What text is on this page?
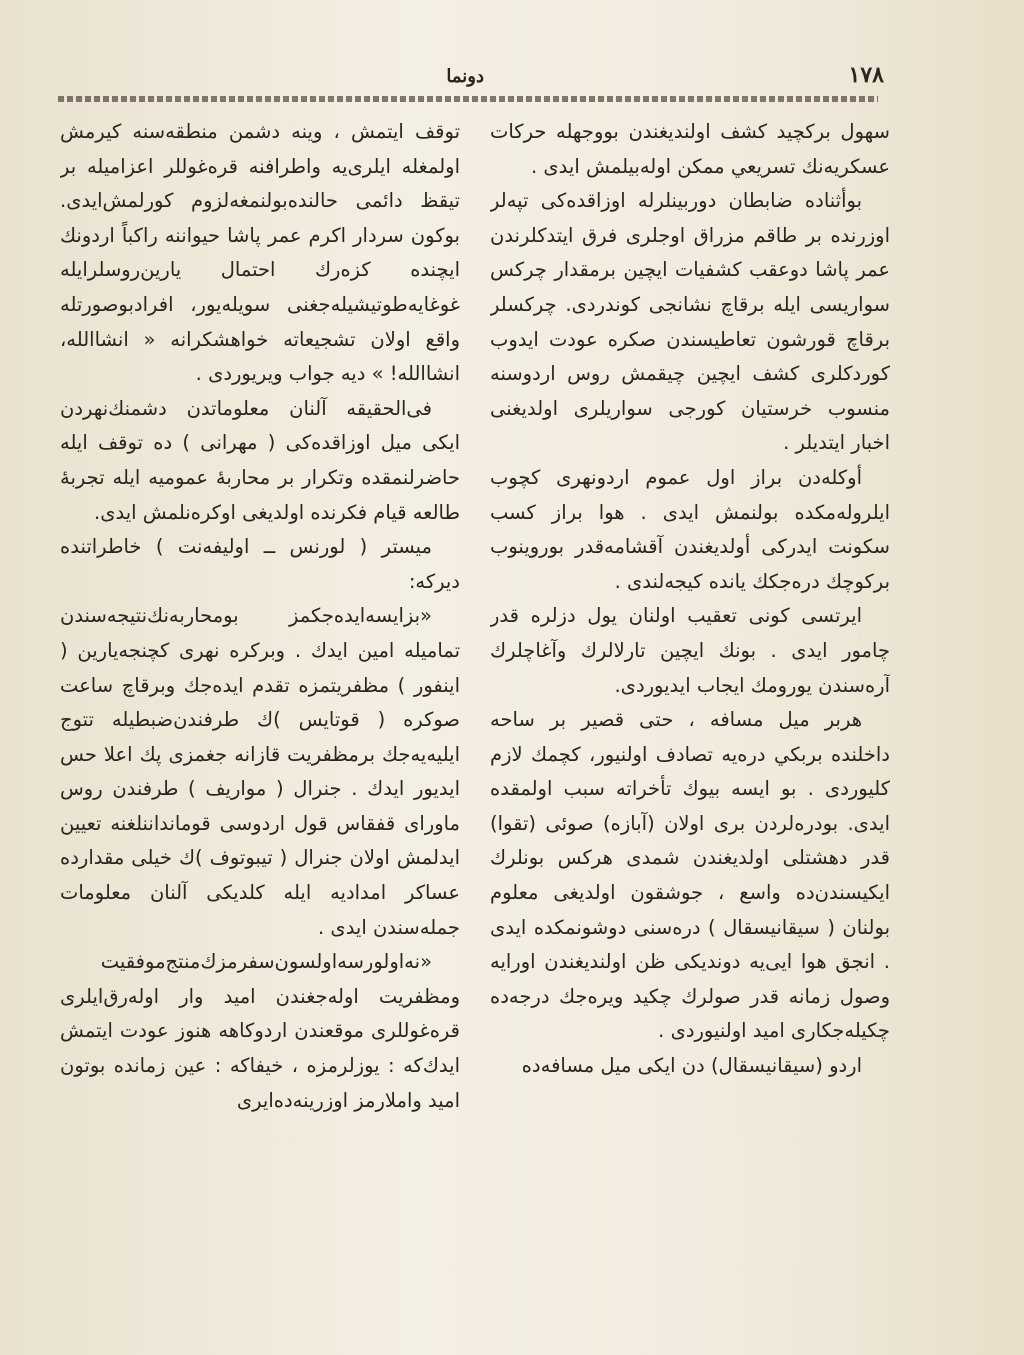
١٧٨
دونما

سهول بركچيد كشف اولنديغندن بووجهله حركات عسكريه‌نك تسريعي ممكن اوله‌بيلمش ايدى .

بوأثناده ضابطان دوربينلرله اوزاقده‌كى تپه‌لر اوزرنده بر طاقم مزراق اوجلرى فرق ايتدكلرندن عمر پاشا دوعقب كشفيات ايچين برمقدار چركس سواريسى ايله برقاچ نشانجى كوندردى. چركسلر برقاچ قورشون تعاطيسندن صكره عودت ايدوب كوردكلرى كشف ايچين چيقمش روس اردوسنه منسوب خرستيان كورجى سواريلرى اولديغنى اخبار ايتديلر .

أوكله‌دن براز اول عموم اردونهرى كچوب ايلروله‌مكده بولنمش ايدى . هوا براز كسب سكونت ايدركى أولديغندن آقشامه‌قدر بوروينوب بركوچك دره‌جكك يانده كيجه‌لندى .

ايرتسى كونى تعقيب اولنان يول دزلره قدر چامور ايدى . بونك ايچين تارلالرك وآغاچلرك آره‌سندن يورومك ايجاب ايديوردى.

هربر ميل مسافه ، حتى قصير بر ساحه داخلنده بربكي دره‌يه تصادف اولنيور، كچمك لازم كليوردى . بو ايسه بيوك تأخراته سبب اولمقده ايدى. بودره‌لردن برى اولان (آبازه) صوئى (تقوا) قدر دهشتلى اولديغندن شمدى هركس بونلرك ايكيسندن‌ده واسع ، جوشقون اولديغى معلوم بولنان ( سيقانيسقال ) دره‌سنى دوشونمكده ايدى . انجق هوا ايى‌يه دونديكى ظن اولنديغندن اورايه وصول زمانه قدر صولرك چكيد ويره‌جك درجه‌ده چكيله‌جكارى اميد اولنيوردى .

اردو (سيقانيسقال) دن ايكى ميل مسافه‌ده

توقف ايتمش ، وينه دشمن منطقه‌سنه كيرمش اولمغله ايلرى‌يه واطرافنه قره‌غوللر اعزاميله بر تيقظ دائمى حالنده‌بولنمغه‌لزوم كورلمش‌ايدى. بوكون سردار اكرم عمر پاشا حيواننه راكباً اردونك ايچنده كزه‌رك احتمال يارين‌روسلرايله غوغايه‌طوتيشيله‌جغنى سويله‌يور، افرادبوصورتله واقع اولان تشجيعاته خواهشكرانه « انشاالله، انشاالله! » ديه جواب ويريوردى .

فى‌الحقيقه آلنان معلوماتدن دشمنك‌نهردن ايكى ميل اوزاقده‌كى ( مهرانى ) ده توقف ايله حاضرلنمقده وتكرار بر محاربهٔ عموميه ايله تجربهٔ طالعه قيام فكرنده اولديغى اوكره‌نلمش ايدى.

ميستر ( لورنس ــ اوليفه‌نت ) خاطراتنده ديركه:

«بزايسه‌ايده‌جكمز بومحاربه‌نك‌نتيجه‌سندن تماميله امين ايدك . وبركره نهرى كچنجه‌يارين ( اينفور ) مظفريتمزه تقدم ايده‌جك وبرقاچ ساعت صوكره ( قوتايس )ك طرفندن‌ضبطيله تتوج ايليه‌يه‌جك برمظفريت قازانه جغمزى پك اعلا حس ايديور ايدك . جنرال ( مواريف ) طرفندن روس ماوراى قفقاس قول اردوسى قومانداننلغنه تعيين ايدلمش اولان جنرال ( تيبوتوف )ك خيلى مقدارده عساكر امداديه ايله كلديكى آلنان معلومات جمله‌سندن ايدى .

«نه‌اولورسه‌اولسون‌سفرمزك‌منتج‌موفقيت ومظفريت اوله‌جغندن اميد وار اوله‌رق‌ايلرى قره‌غوللرى موقعندن اردوكاهه هنوز عودت ايتمش ايدك‌كه : يوزلرمزه ، خيفاكه : عين زمانده بوتون اميد واملارمز اوزرينه‌ده‌ايرى
